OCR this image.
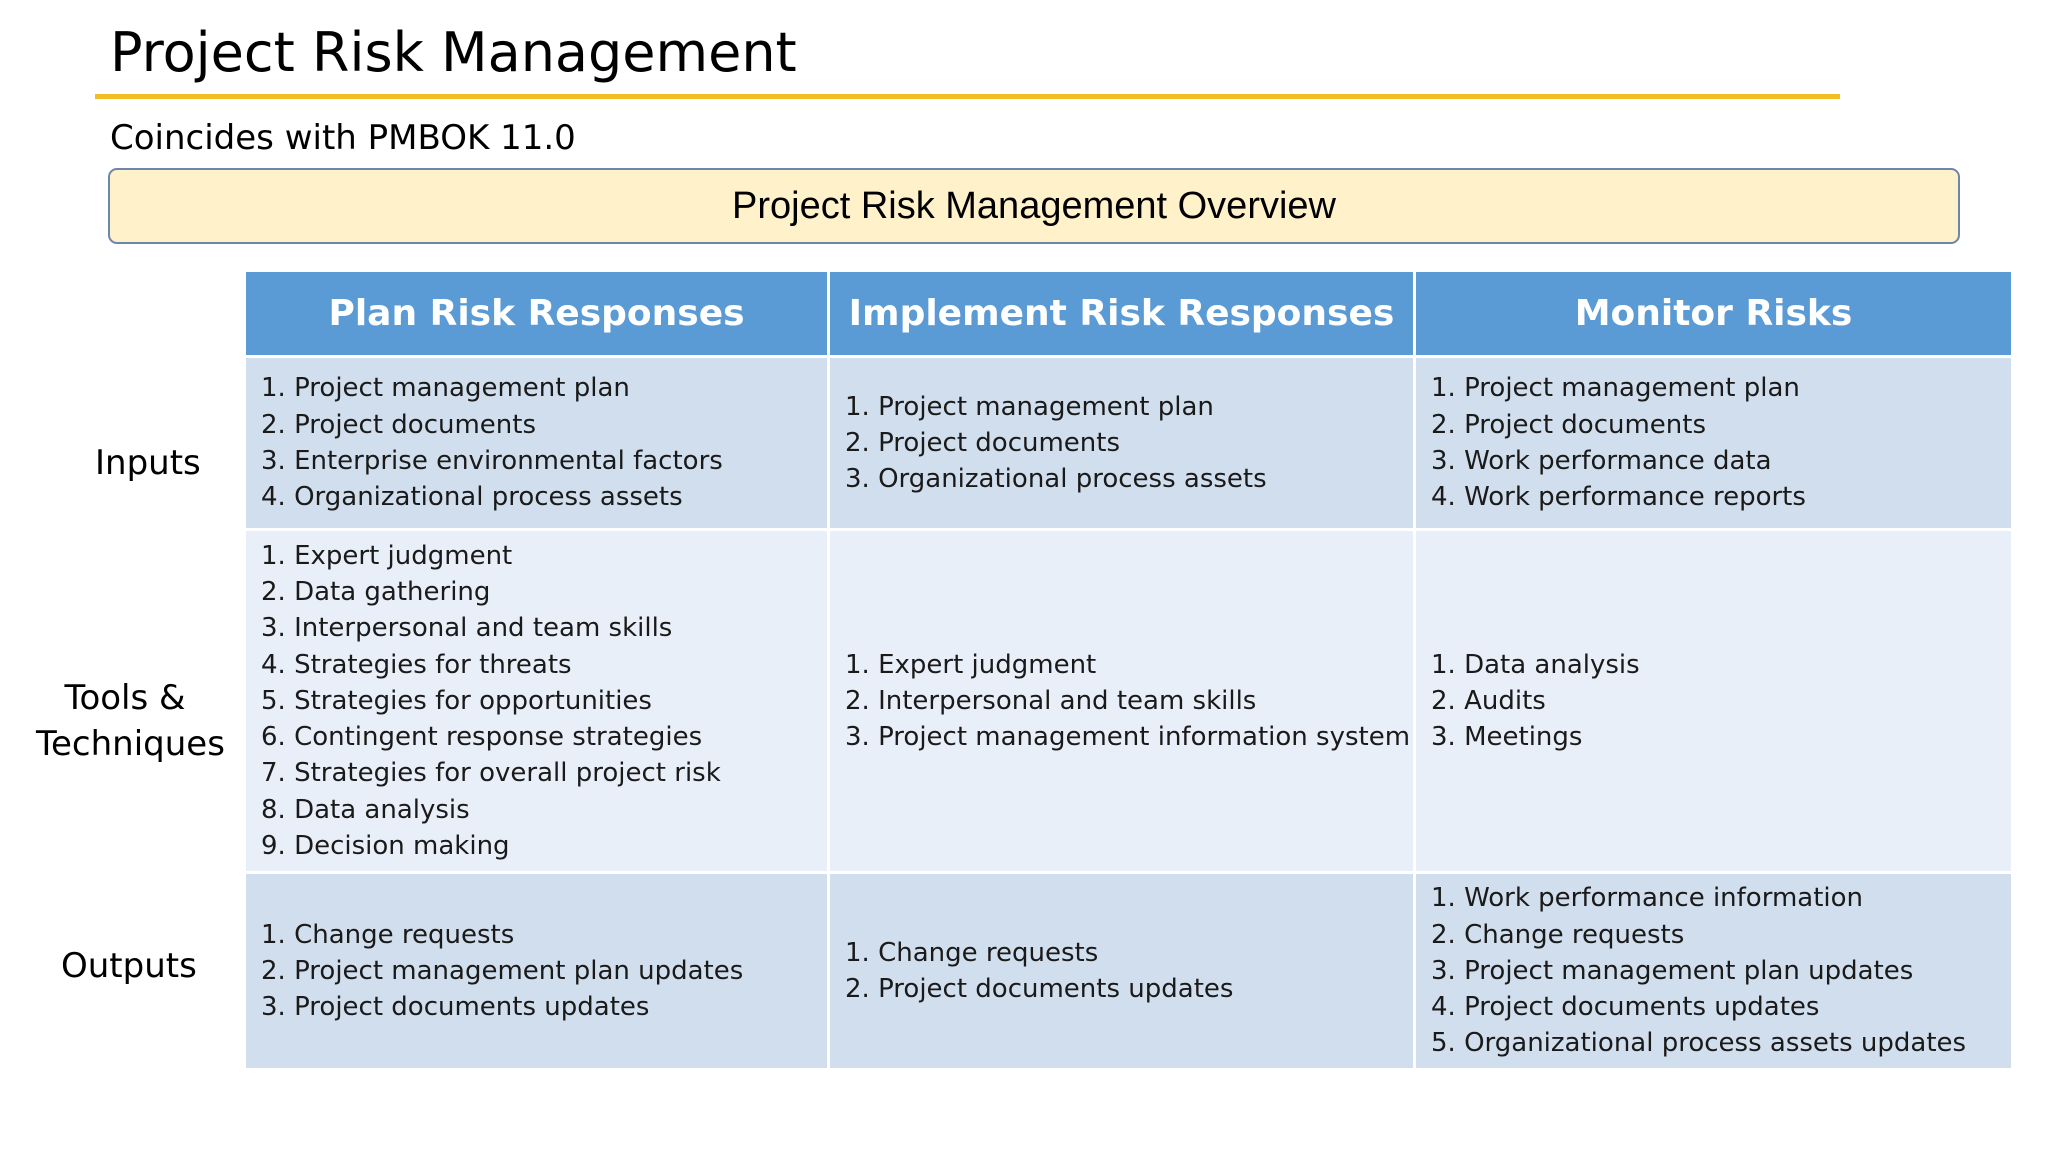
Project Risk Management
Coincides with PMBOK 11.0
Project Risk Management Overview
Inputs
Tools &
Techniques
Outputs
Plan Risk Responses	Implement Risk Responses	Monitor Risks
1. Project management plan
2. Project documents
3. Enterprise environmental factors
4. Organizational process assets
1. Project management plan
2. Project documents
3. Organizational process assets
1. Project management plan
2. Project documents
3. Work performance data
4. Work performance reports
1. Expert judgment
2. Data gathering
3. Interpersonal and team skills
4. Strategies for threats
5. Strategies for opportunities
6. Contingent response strategies
7. Strategies for overall project risk
8. Data analysis
9. Decision making
1. Expert judgment
2. Interpersonal and team skills
3. Project management information system
1. Data analysis
2. Audits
3. Meetings
1. Change requests
2. Project management plan updates
3. Project documents updates
1. Change requests
2. Project documents updates
1. Work performance information
2. Change requests
3. Project management plan updates
4. Project documents updates
5. Organizational process assets updates
